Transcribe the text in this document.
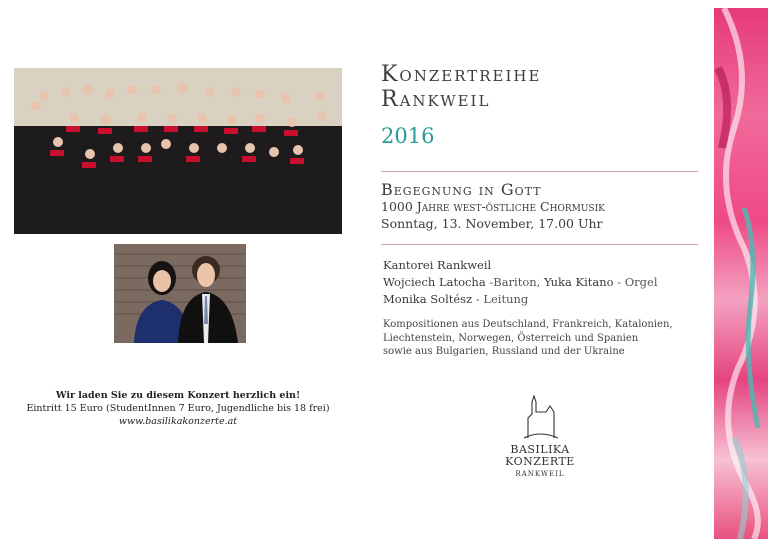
Wir laden Sie zu diesem Konzert herzlich ein!
Eintritt 15 Euro (StudentInnen 7 Euro, Jugendliche bis 18 frei)
www.basilikakonzerte.at
Konzertreihe
Rankweil
2016
Begegnung in Gott
1000 Jahre west-östliche Chormusik
Sonntag, 13. November, 17.00 Uhr
Kantorei Rankweil
Wojciech Latocha -Bariton, Yuka Kitano - Orgel
Monika Soltész - Leitung
Kompositionen aus Deutschland, Frankreich, Katalonien,
Liechtenstein, Norwegen, Österreich und Spanien
sowie aus Bulgarien, Russland und der Ukraine
BASILIKA
KONZERTE
RANKWEIL
